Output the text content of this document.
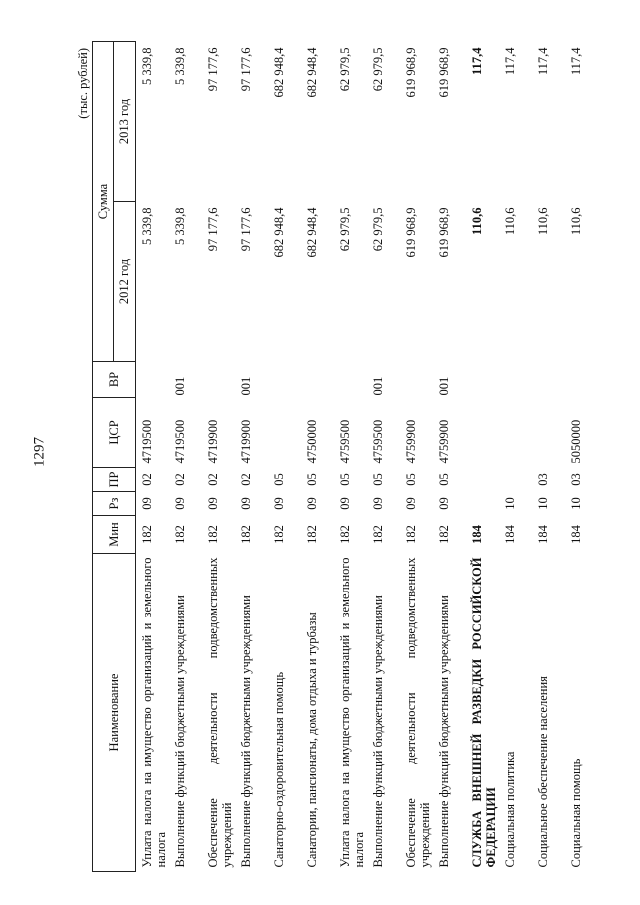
1297
(тыс. рублей)
Наименование	Мин	Рз	ПР	ЦСР	ВР	Сумма	
						2012 год	2013 год
Уплата налога на имущество организаций и земельного налога	182	09	02	4719500		5 339,8	5 339,8
Выполнение функций бюджетными учреждениями	182	09	02	4719500	001	5 339,8	5 339,8
Обеспечение деятельности подведомственных учреждений	182	09	02	4719900		97 177,6	97 177,6
Выполнение функций бюджетными учреждениями	182	09	02	4719900	001	97 177,6	97 177,6
Санаторно-оздоровительная помощь	182	09	05			682 948,4	682 948,4
Санатории, пансионаты, дома отдыха и турбазы	182	09	05	4750000		682 948,4	682 948,4
Уплата налога на имущество организаций и земельного налога	182	09	05	4759500		62 979,5	62 979,5
Выполнение функций бюджетными учреждениями	182	09	05	4759500	001	62 979,5	62 979,5
Обеспечение деятельности подведомственных учреждений	182	09	05	4759900		619 968,9	619 968,9
Выполнение функций бюджетными учреждениями	182	09	05	4759900	001	619 968,9	619 968,9
СЛУЖБА ВНЕШНЕЙ РАЗВЕДКИ РОССИЙСКОЙ ФЕДЕРАЦИИ	184					110,6	117,4
Социальная политика	184	10				110,6	117,4
Социальное обеспечение населения	184	10	03			110,6	117,4
Социальная помощь	184	10	03	5050000		110,6	117,4
